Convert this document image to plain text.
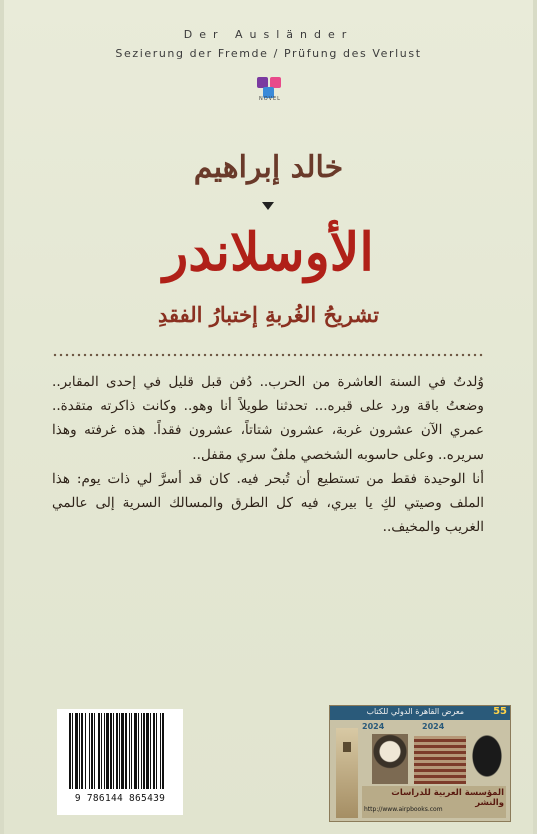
Der Ausländer
Sezierung der Fremde / Prüfung des Verlust
NOVEL
خالد إبراهيم
الأوسلاندر
تشريحُ الغُربةِ إختبارُ الفقدِ

وُلدتُ في السنة العاشرة من الحرب.. دُفن قبل قليل في إحدى المقابر.. وضعتُ باقة ورد على قبره... تحدثنا طويلاً أنا وهو.. وكانت ذاكرته متقدة.. عمري الآن عشرون غربة، عشرون شتاتاً، عشرون فقداً. هذه غرفته وهذا سريره.. وعلى حاسوبه الشخصي ملفٌ سري مقفل..

أنا الوحيدة فقط من تستطيع أن تُبحر فيه. كان قد أسرَّ لي ذات يوم: هذا الملف وصيتي لكِ يا بيري، فيه كل الطرق والمسالك السرية إلى عالمي الغريب والمخيف..

9 786144 865439
معرض القاهرة الدولي للكتاب	55
2024	2024
المؤسسة العربية للدراسات والنشر
http://www.airpbooks.com
